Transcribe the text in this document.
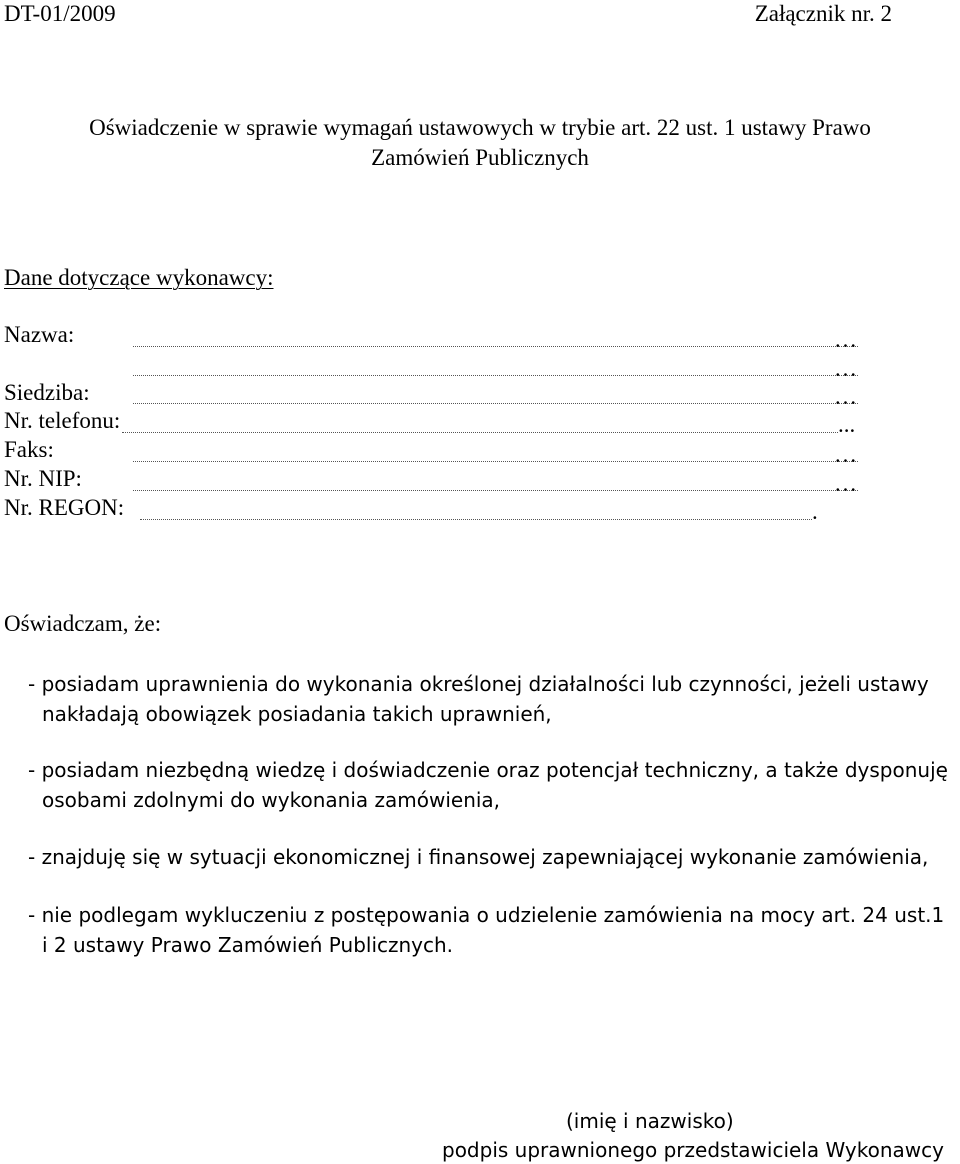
DT-01/2009	Załącznik nr. 2
Oświadczenie w sprawie wymagań ustawowych w trybie art. 22 ust. 1 ustawy Prawo
Zamówień Publicznych
Dane dotyczące wykonawcy:
Nazwa:	…
…
Siedziba:	…
Nr. telefonu:	...
Faks:	…
Nr. NIP:	…
Nr. REGON:	.
Oświadczam, że:
- posiadam uprawnienia do wykonania określonej działalności lub czynności, jeżeli ustawy
nakładają obowiązek posiadania takich uprawnień,
- posiadam niezbędną wiedzę i doświadczenie oraz potencjał techniczny, a także dysponuję
osobami zdolnymi do wykonania zamówienia,
- znajduję się w sytuacji ekonomicznej i finansowej zapewniającej wykonanie zamówienia,
- nie podlegam wykluczeniu z postępowania o udzielenie zamówienia na mocy art. 24 ust.1
i 2 ustawy Prawo Zamówień Publicznych.
(imię i nazwisko)
podpis uprawnionego przedstawiciela Wykonawcy
